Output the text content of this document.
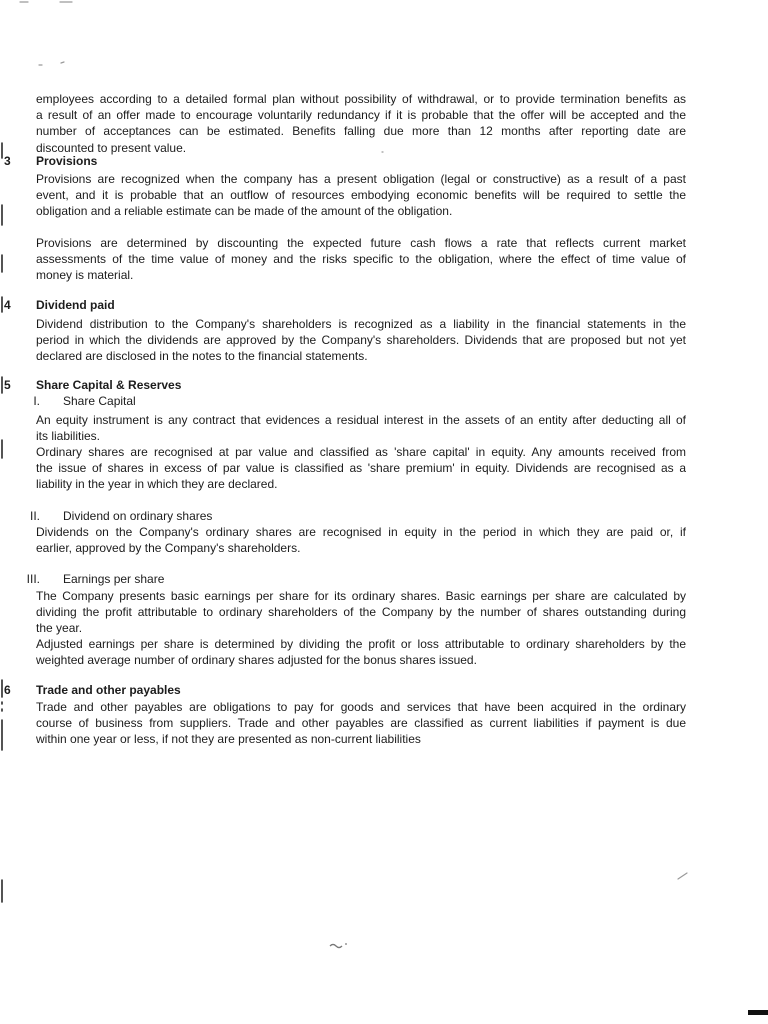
employees according to a detailed formal plan without possibility of withdrawal, or to provide termination benefits as
a result of an offer made to encourage voluntarily redundancy if it is probable that the offer will be accepted and the
number of acceptances can be estimated. Benefits falling due more than 12 months after reporting date are
discounted to present value.
3 Provisions
Provisions are recognized when the company has a present obligation (legal or constructive) as a result of a past
event, and it is probable that an outflow of resources embodying economic benefits will be required to settle the
obligation and a reliable estimate can be made of the amount of the obligation.
Provisions are determined by discounting the expected future cash flows a rate that reflects current market
assessments of the time value of money and the risks specific to the obligation, where the effect of time value of
money is material.
4 Dividend paid
Dividend distribution to the Company's shareholders is recognized as a liability in the financial statements in the
period in which the dividends are approved by the Company's shareholders. Dividends that are proposed but not yet
declared are disclosed in the notes to the financial statements.
5 Share Capital & Reserves
I. Share Capital
An equity instrument is any contract that evidences a residual interest in the assets of an entity after deducting all of
its liabilities.
Ordinary shares are recognised at par value and classified as 'share capital' in equity. Any amounts received from
the issue of shares in excess of par value is classified as 'share premium' in equity. Dividends are recognised as a
liability in the year in which they are declared.
II. Dividend on ordinary shares
Dividends on the Company's ordinary shares are recognised in equity in the period in which they are paid or, if
earlier, approved by the Company's shareholders.
III. Earnings per share
The Company presents basic earnings per share for its ordinary shares. Basic earnings per share are calculated by
dividing the profit attributable to ordinary shareholders of the Company by the number of shares outstanding during
the year.
Adjusted earnings per share is determined by dividing the profit or loss attributable to ordinary shareholders by the
weighted average number of ordinary shares adjusted for the bonus shares issued.
6 Trade and other payables
Trade and other payables are obligations to pay for goods and services that have been acquired in the ordinary
course of business from suppliers. Trade and other payables are classified as current liabilities if payment is due
within one year or less, if not they are presented as non-current liabilities
